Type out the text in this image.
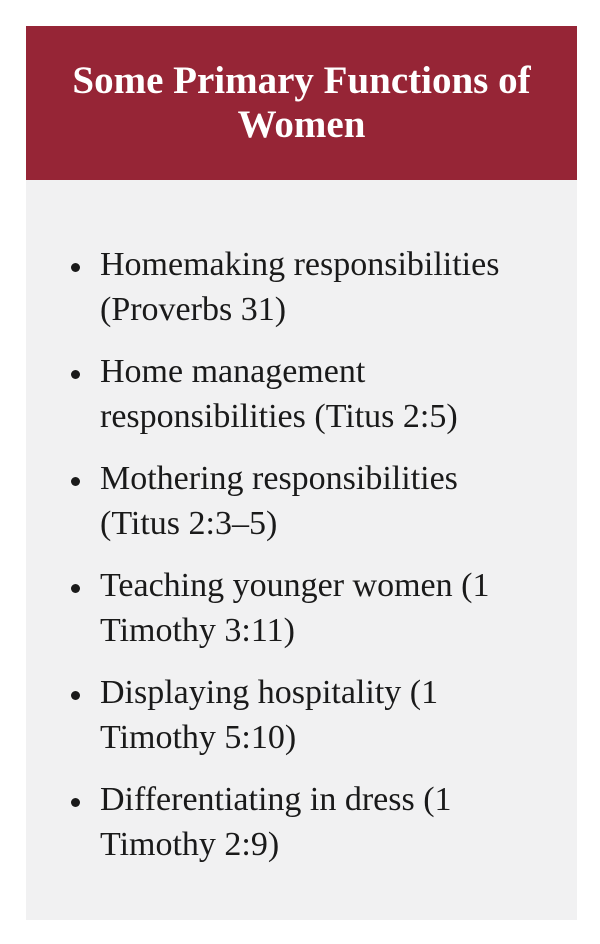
Some Primary Functions of Women
Homemaking responsibilities (Proverbs 31)
Home management responsibilities (Titus 2:5)
Mothering responsibilities (Titus 2:3–5)
Teaching younger women (1 Timothy 3:11)
Displaying hospitality (1 Timothy 5:10)
Differentiating in dress (1 Timothy 2:9)
